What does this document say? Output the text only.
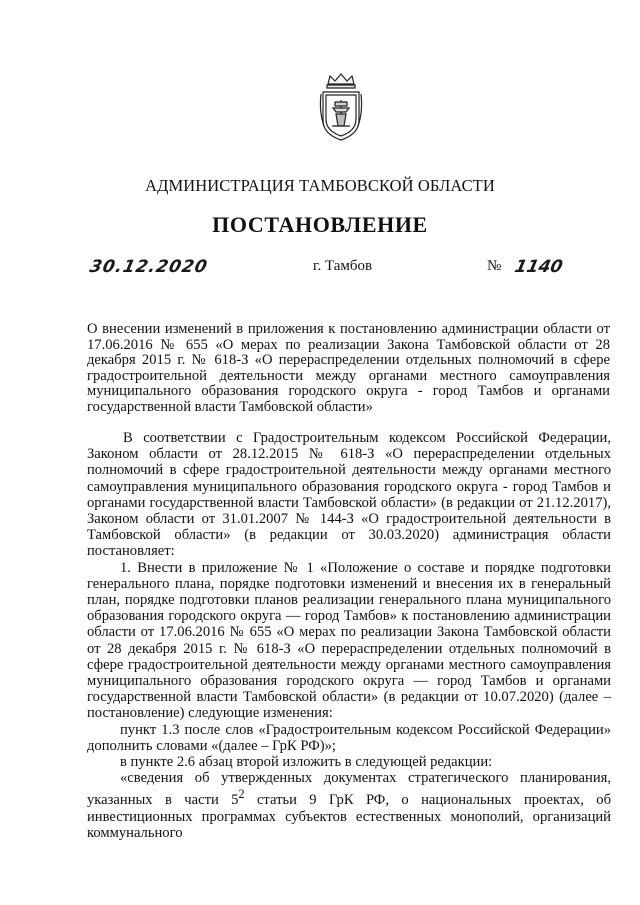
АДМИНИСТРАЦИЯ ТАМБОВСКОЙ ОБЛАСТИ
ПОСТАНОВЛЕНИЕ
30.12.2020	г. Тамбов	№ 1140
О внесении изменений в приложения к постановлению администрации области от 17.06.2016 № 655 «О мерах по реализации Закона Тамбовской области от 28 декабря 2015 г. № 618-З «О перераспределении отдельных полномочий в сфере градостроительной деятельности между органами местного самоуправления муниципального образования городского округа - город Тамбов и органами государственной власти Тамбовской области»

В соответствии с Градостроительным кодексом Российской Федерации, Законом области от 28.12.2015 № 618-З «О перераспределении отдельных полномочий в сфере градостроительной деятельности между органами местного самоуправления муниципального образования городского округа - город Тамбов и органами государственной власти Тамбовской области» (в редакции от 21.12.2017), Законом области от 31.01.2007 № 144-З «О градостроительной деятельности в Тамбовской области» (в редакции от 30.03.2020) администрация области постановляет:

1. Внести в приложение № 1 «Положение о составе и порядке подготовки генерального плана, порядке подготовки изменений и внесения их в генеральный план, порядке подготовки планов реализации генерального плана муниципального образования городского округа — город Тамбов» к постановлению администрации области от 17.06.2016 № 655 «О мерах по реализации Закона Тамбовской области от 28 декабря 2015 г. № 618-З «О перераспределении отдельных полномочий в сфере градостроительной деятельности между органами местного самоуправления муниципального образования городского округа — город Тамбов и органами государственной власти Тамбовской области» (в редакции от 10.07.2020) (далее – постановление) следующие изменения:

пункт 1.3 после слов «Градостроительным кодексом Российской Федерации» дополнить словами «(далее – ГрК РФ)»;

в пункте 2.6 абзац второй изложить в следующей редакции:

«сведения об утвержденных документах стратегического планирования, указанных в части $5^2$ статьи 9 ГрК РФ, о национальных проектах, об инвестиционных программах субъектов естественных монополий, организаций коммунального
